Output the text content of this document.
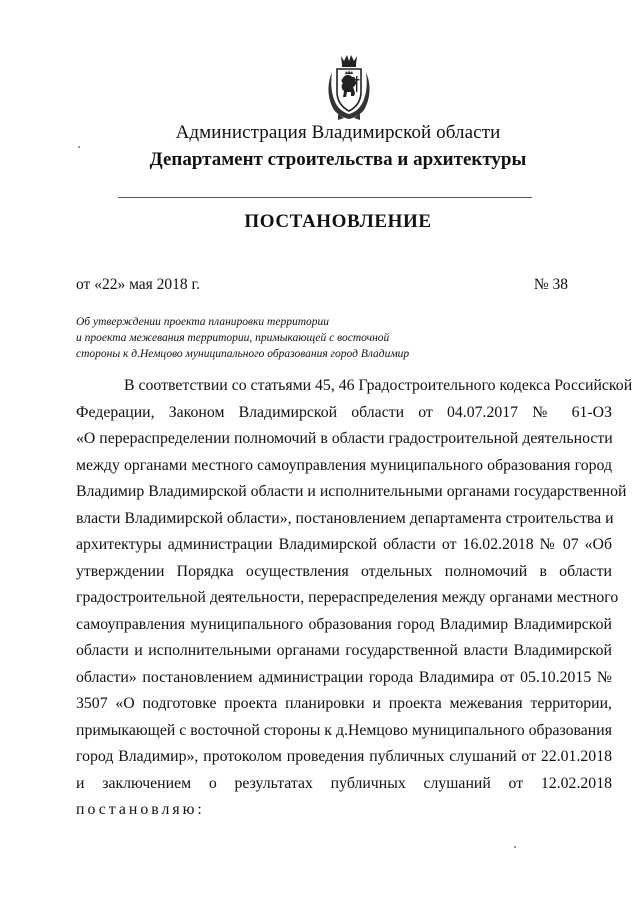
Администрация Владимирской области
Департамент строительства и архитектуры
ПОСТАНОВЛЕНИЕ
от «22» мая 2018 г.	№ 38
Об утверждении проекта планировки территории
и проекта межевания территории, примыкающей с восточной
стороны к д.Немцово муниципального образования город Владимир
В соответствии со статьями 45, 46 Градостроительного кодекса Российской
Федерации, Законом Владимирской области от 04.07.2017 № 61-ОЗ
«О перераспределении полномочий в области градостроительной деятельности
между органами местного самоуправления муниципального образования город
Владимир Владимирской области и исполнительными органами государственной
власти Владимирской области», постановлением департамента строительства и
архитектуры администрации Владимирской области от 16.02.2018 № 07 «Об
утверждении Порядка осуществления отдельных полномочий в области
градостроительной деятельности, перераспределения между органами местного
самоуправления муниципального образования город Владимир Владимирской
области и исполнительными органами государственной власти Владимирской
области» постановлением администрации города Владимира от 05.10.2015 №
3507 «О подготовке проекта планировки и проекта межевания территории,
примыкающей с восточной стороны к д.Немцово муниципального образования
город Владимир», протоколом проведения публичных слушаний от 22.01.2018
и заключением о результатах публичных слушаний от 12.02.2018
постановляю:
